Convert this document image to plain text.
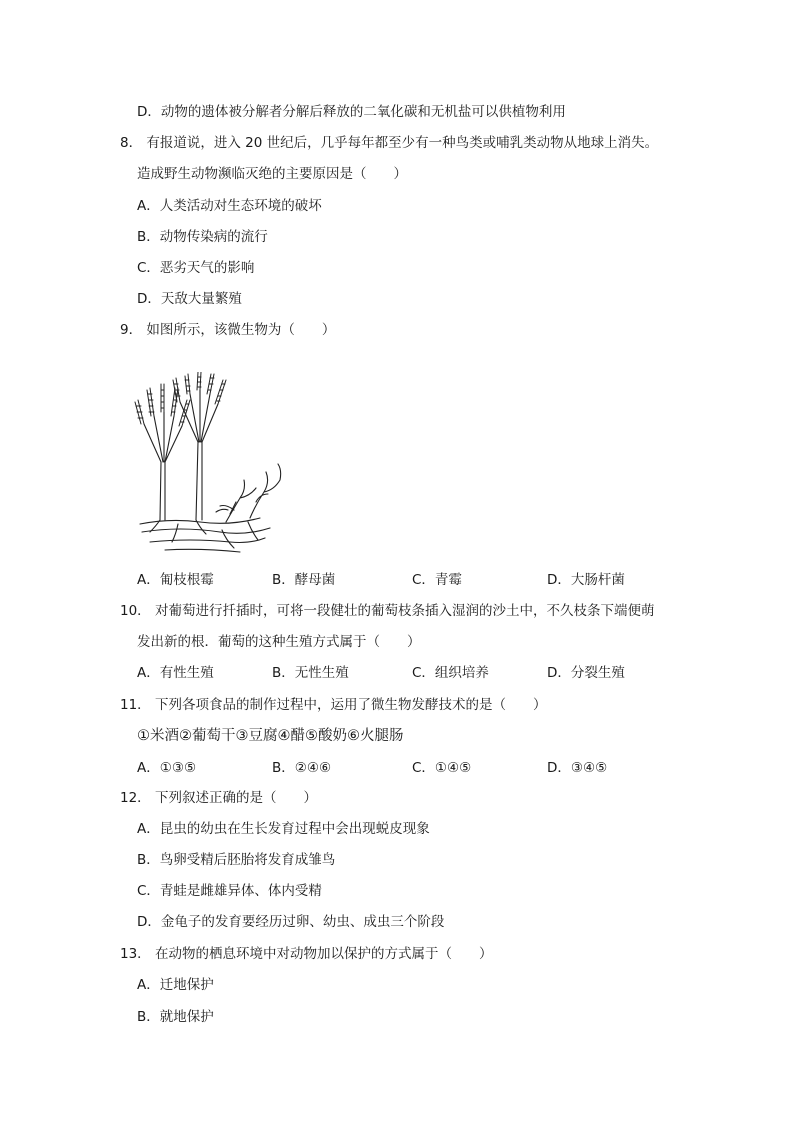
D．动物的遗体被分解者分解后释放的二氧化碳和无机盐可以供植物利用
8． 有报道说，进入 20 世纪后，几乎每年都至少有一种鸟类或哺乳类动物从地球上消失。
造成野生动物濒临灭绝的主要原因是（　　）
A．人类活动对生态环境的破坏
B．动物传染病的流行
C．恶劣天气的影响
D．天敌大量繁殖
9． 如图所示，该微生物为（　　）
A．匍枝根霉	B．酵母菌	C．青霉	D．大肠杆菌
10． 对葡萄进行扦插时，可将一段健壮的葡萄枝条插入湿润的沙土中，不久枝条下端便萌
发出新的根．葡萄的这种生殖方式属于（　　）
A．有性生殖	B．无性生殖	C．组织培养	D．分裂生殖
11． 下列各项食品的制作过程中，运用了微生物发酵技术的是（　　）
①米酒②葡萄干③豆腐④醋⑤酸奶⑥火腿肠
A．①③⑤	B．②④⑥	C．①④⑤	D．③④⑤
12． 下列叙述正确的是（　　）
A．昆虫的幼虫在生长发育过程中会出现蜕皮现象
B．鸟卵受精后胚胎将发育成雏鸟
C．青蛙是雌雄异体、体内受精
D．金龟子的发育要经历过卵、幼虫、成虫三个阶段
13． 在动物的栖息环境中对动物加以保护的方式属于（　　）
A．迁地保护
B．就地保护
